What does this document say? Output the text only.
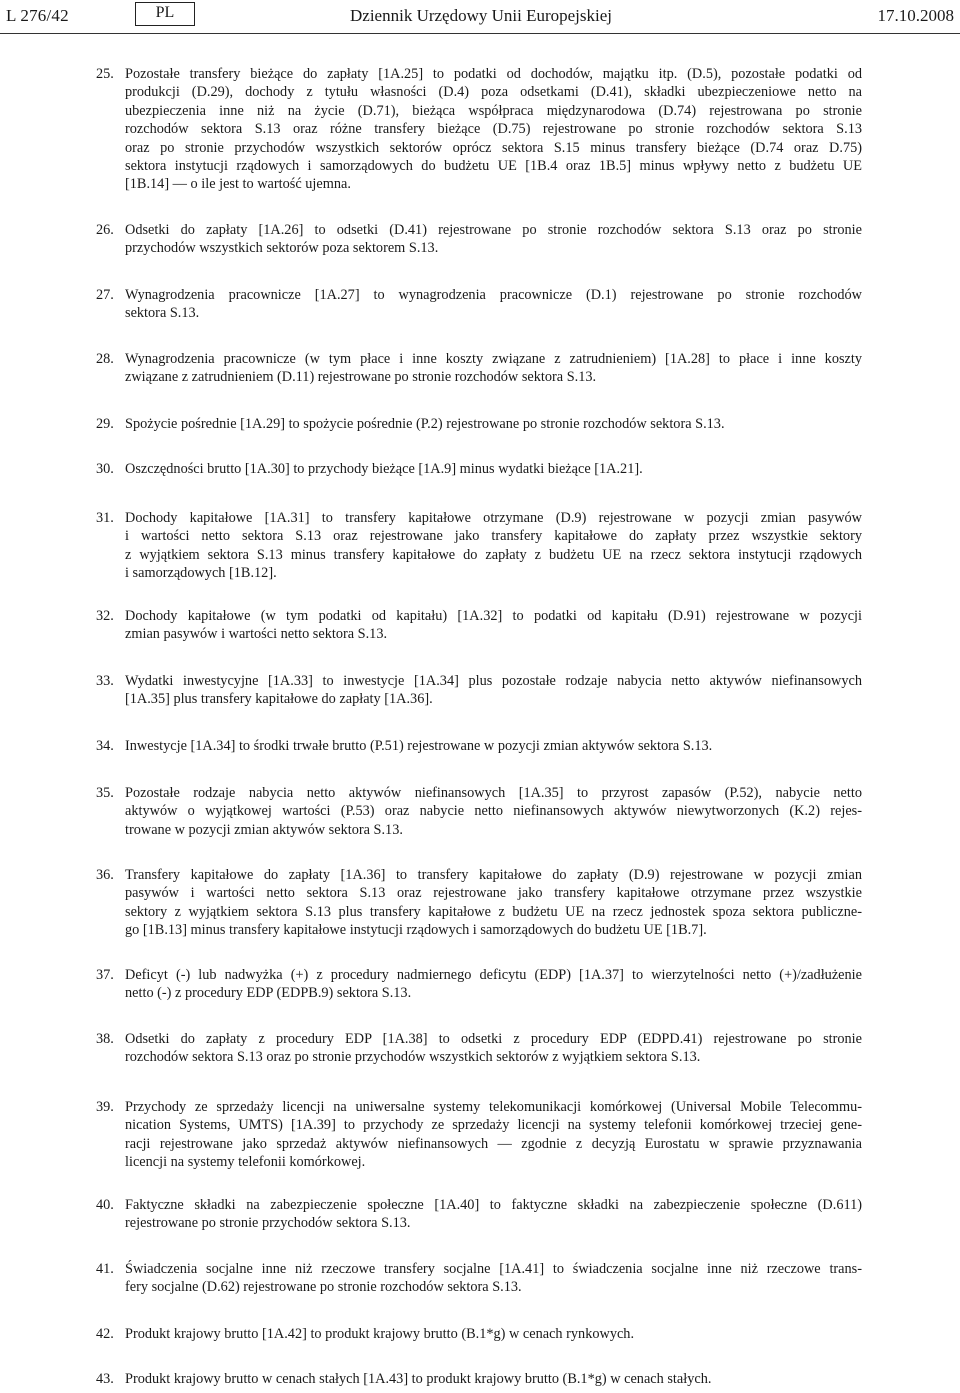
L 276/42	PL	Dziennik Urzędowy Unii Europejskiej	17.10.2008
25. Pozostałe transfery bieżące do zapłaty [1A.25] to podatki od dochodów, majątku itp. (D.5), pozostałe podatki od
produkcji (D.29), dochody z tytułu własności (D.4) poza odsetkami (D.41), składki ubezpieczeniowe netto na
ubezpieczenia inne niż na życie (D.71), bieżąca współpraca międzynarodowa (D.74) rejestrowana po stronie
rozchodów sektora S.13 oraz różne transfery bieżące (D.75) rejestrowane po stronie rozchodów sektora S.13
oraz po stronie przychodów wszystkich sektorów oprócz sektora S.15 minus transfery bieżące (D.74 oraz D.75)
sektora instytucji rządowych i samorządowych do budżetu UE [1B.4 oraz 1B.5] minus wpływy netto z budżetu UE
[1B.14] — o ile jest to wartość ujemna.
26. Odsetki do zapłaty [1A.26] to odsetki (D.41) rejestrowane po stronie rozchodów sektora S.13 oraz po stronie
przychodów wszystkich sektorów poza sektorem S.13.
27. Wynagrodzenia pracownicze [1A.27] to wynagrodzenia pracownicze (D.1) rejestrowane po stronie rozchodów
sektora S.13.
28. Wynagrodzenia pracownicze (w tym płace i inne koszty związane z zatrudnieniem) [1A.28] to płace i inne koszty
związane z zatrudnieniem (D.11) rejestrowane po stronie rozchodów sektora S.13.
29. Spożycie pośrednie [1A.29] to spożycie pośrednie (P.2) rejestrowane po stronie rozchodów sektora S.13.
30. Oszczędności brutto [1A.30] to przychody bieżące [1A.9] minus wydatki bieżące [1A.21].
31. Dochody kapitałowe [1A.31] to transfery kapitałowe otrzymane (D.9) rejestrowane w pozycji zmian pasywów
i wartości netto sektora S.13 oraz rejestrowane jako transfery kapitałowe do zapłaty przez wszystkie sektory
z wyjątkiem sektora S.13 minus transfery kapitałowe do zapłaty z budżetu UE na rzecz sektora instytucji rządowych
i samorządowych [1B.12].
32. Dochody kapitałowe (w tym podatki od kapitału) [1A.32] to podatki od kapitału (D.91) rejestrowane w pozycji
zmian pasywów i wartości netto sektora S.13.
33. Wydatki inwestycyjne [1A.33] to inwestycje [1A.34] plus pozostałe rodzaje nabycia netto aktywów niefinansowych
[1A.35] plus transfery kapitałowe do zapłaty [1A.36].
34. Inwestycje [1A.34] to środki trwałe brutto (P.51) rejestrowane w pozycji zmian aktywów sektora S.13.
35. Pozostałe rodzaje nabycia netto aktywów niefinansowych [1A.35] to przyrost zapasów (P.52), nabycie netto
aktywów o wyjątkowej wartości (P.53) oraz nabycie netto niefinansowych aktywów niewytworzonych (K.2) rejes-
trowane w pozycji zmian aktywów sektora S.13.
36. Transfery kapitałowe do zapłaty [1A.36] to transfery kapitałowe do zapłaty (D.9) rejestrowane w pozycji zmian
pasywów i wartości netto sektora S.13 oraz rejestrowane jako transfery kapitałowe otrzymane przez wszystkie
sektory z wyjątkiem sektora S.13 plus transfery kapitałowe z budżetu UE na rzecz jednostek spoza sektora publiczne-
go [1B.13] minus transfery kapitałowe instytucji rządowych i samorządowych do budżetu UE [1B.7].
37. Deficyt (-) lub nadwyżka (+) z procedury nadmiernego deficytu (EDP) [1A.37] to wierzytelności netto (+)/zadłużenie
netto (-) z procedury EDP (EDPB.9) sektora S.13.
38. Odsetki do zapłaty z procedury EDP [1A.38] to odsetki z procedury EDP (EDPD.41) rejestrowane po stronie
rozchodów sektora S.13 oraz po stronie przychodów wszystkich sektorów z wyjątkiem sektora S.13.
39. Przychody ze sprzedaży licencji na uniwersalne systemy telekomunikacji komórkowej (Universal Mobile Telecommu-
nication Systems, UMTS) [1A.39] to przychody ze sprzedaży licencji na systemy telefonii komórkowej trzeciej gene-
racji rejestrowane jako sprzedaż aktywów niefinansowych — zgodnie z decyzją Eurostatu w sprawie przyznawania
licencji na systemy telefonii komórkowej.
40. Faktyczne składki na zabezpieczenie społeczne [1A.40] to faktyczne składki na zabezpieczenie społeczne (D.611)
rejestrowane po stronie przychodów sektora S.13.
41. Świadczenia socjalne inne niż rzeczowe transfery socjalne [1A.41] to świadczenia socjalne inne niż rzeczowe trans-
fery socjalne (D.62) rejestrowane po stronie rozchodów sektora S.13.
42. Produkt krajowy brutto [1A.42] to produkt krajowy brutto (B.1*g) w cenach rynkowych.
43. Produkt krajowy brutto w cenach stałych [1A.43] to produkt krajowy brutto (B.1*g) w cenach stałych.
